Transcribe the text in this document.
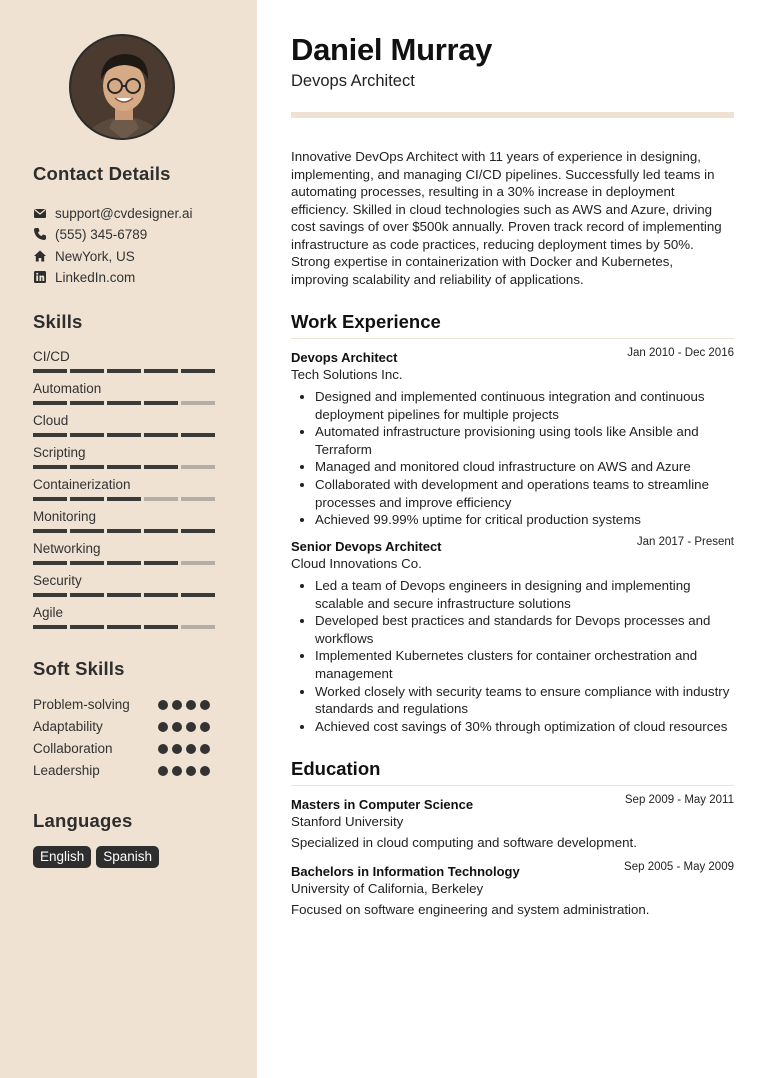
Contact Details
support@cvdesigner.ai
(555) 345-6789
NewYork, US
LinkedIn.com
Skills
CI/CD
Automation
Cloud
Scripting
Containerization
Monitoring
Networking
Security
Agile
Soft Skills
Problem-solving
Adaptability
Collaboration
Leadership
Languages
English	Spanish
Daniel Murray
Devops Architect
Innovative DevOps Architect with 11 years of experience in designing, implementing, and managing CI/CD pipelines. Successfully led teams in automating processes, resulting in a 30% increase in deployment efficiency. Skilled in cloud technologies such as AWS and Azure, driving cost savings of over $500k annually. Proven track record of implementing infrastructure as code practices, reducing deployment times by 50%. Strong expertise in containerization with Docker and Kubernetes, improving scalability and reliability of applications.
Work Experience
Devops Architect	Jan 2010 - Dec 2016
Tech Solutions Inc.
• Designed and implemented continuous integration and continuous deployment pipelines for multiple projects
• Automated infrastructure provisioning using tools like Ansible and Terraform
• Managed and monitored cloud infrastructure on AWS and Azure
• Collaborated with development and operations teams to streamline processes and improve efficiency
• Achieved 99.99% uptime for critical production systems
Senior Devops Architect	Jan 2017 - Present
Cloud Innovations Co.
• Led a team of Devops engineers in designing and implementing scalable and secure infrastructure solutions
• Developed best practices and standards for Devops processes and workflows
• Implemented Kubernetes clusters for container orchestration and management
• Worked closely with security teams to ensure compliance with industry standards and regulations
• Achieved cost savings of 30% through optimization of cloud resources
Education
Masters in Computer Science	Sep 2009 - May 2011
Stanford University
Specialized in cloud computing and software development.
Bachelors in Information Technology	Sep 2005 - May 2009
University of California, Berkeley
Focused on software engineering and system administration.
